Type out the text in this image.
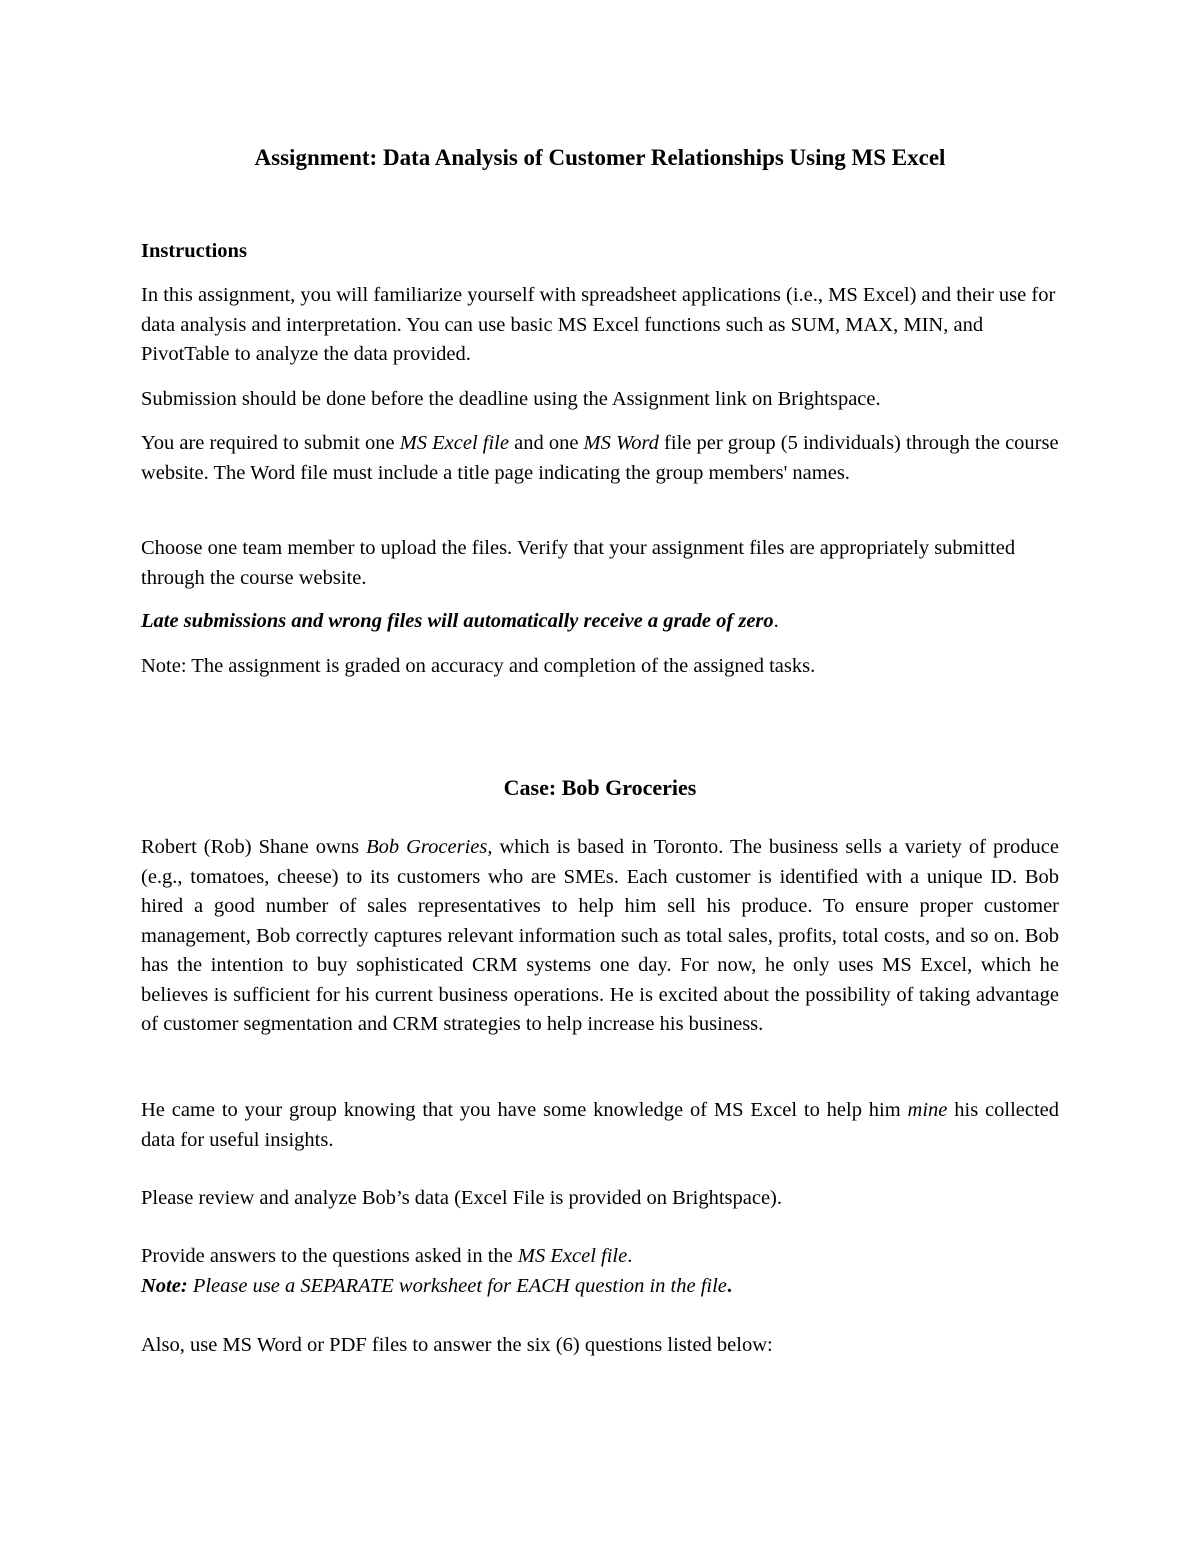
Assignment: Data Analysis of Customer Relationships Using MS Excel
Instructions

In this assignment, you will familiarize yourself with spreadsheet applications (i.e., MS Excel) and their use for data analysis and interpretation. You can use basic MS Excel functions such as SUM, MAX, MIN, and PivotTable to analyze the data provided.

Submission should be done before the deadline using the Assignment link on Brightspace.

You are required to submit one MS Excel file and one MS Word file per group (5 individuals) through the course website. The Word file must include a title page indicating the group members' names.

Choose one team member to upload the files. Verify that your assignment files are appropriately submitted through the course website.

Late submissions and wrong files will automatically receive a grade of zero.

Note: The assignment is graded on accuracy and completion of the assigned tasks.

Case: Bob Groceries

Robert (Rob) Shane owns Bob Groceries, which is based in Toronto. The business sells a variety of produce (e.g., tomatoes, cheese) to its customers who are SMEs. Each customer is identified with a unique ID. Bob hired a good number of sales representatives to help him sell his produce. To ensure proper customer management, Bob correctly captures relevant information such as total sales, profits, total costs, and so on. Bob has the intention to buy sophisticated CRM systems one day. For now, he only uses MS Excel, which he believes is sufficient for his current business operations. He is excited about the possibility of taking advantage of customer segmentation and CRM strategies to help increase his business.

He came to your group knowing that you have some knowledge of MS Excel to help him mine his collected data for useful insights.

Please review and analyze Bob’s data (Excel File is provided on Brightspace).

Provide answers to the questions asked in the MS Excel file.
Note: Please use a SEPARATE worksheet for EACH question in the file.

Also, use MS Word or PDF files to answer the six (6) questions listed below:
